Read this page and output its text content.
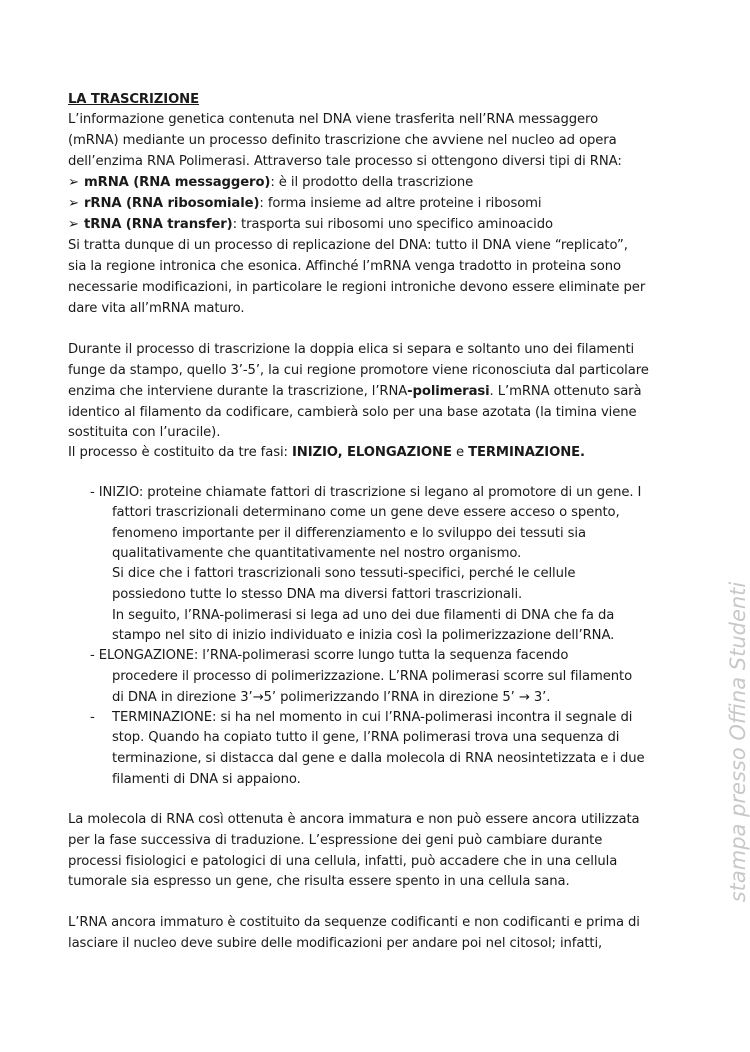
LA TRASCRIZIONE
L’informazione genetica contenuta nel DNA viene trasferita nell’RNA messaggero
(mRNA) mediante un processo definito trascrizione che avviene nel nucleo ad opera
dell’enzima RNA Polimerasi. Attraverso tale processo si ottengono diversi tipi di RNA:
➢ mRNA (RNA messaggero): è il prodotto della trascrizione
➢ rRNA (RNA ribosomiale): forma insieme ad altre proteine i ribosomi
➢ tRNA (RNA transfer): trasporta sui ribosomi uno specifico aminoacido
Si tratta dunque di un processo di replicazione del DNA: tutto il DNA viene “replicato”,
sia la regione intronica che esonica. Affinché l’mRNA venga tradotto in proteina sono
necessarie modificazioni, in particolare le regioni introniche devono essere eliminate per
dare vita all’mRNA maturo.
Durante il processo di trascrizione la doppia elica si separa e soltanto uno dei filamenti
funge da stampo, quello 3’-5’, la cui regione promotore viene riconosciuta dal particolare
enzima che interviene durante la trascrizione, l’RNA-polimerasi. L’mRNA ottenuto sarà
identico al filamento da codificare, cambierà solo per una base azotata (la timina viene
sostituita con l’uracile).
Il processo è costituito da tre fasi: INIZIO, ELONGAZIONE e TERMINAZIONE.
- INIZIO: proteine chiamate fattori di trascrizione si legano al promotore di un gene. I
fattori trascrizionali determinano come un gene deve essere acceso o spento,
fenomeno importante per il differenziamento e lo sviluppo dei tessuti sia
qualitativamente che quantitativamente nel nostro organismo.
Si dice che i fattori trascrizionali sono tessuti-specifici, perché le cellule
possiedono tutte lo stesso DNA ma diversi fattori trascrizionali.
In seguito, l’RNA-polimerasi si lega ad uno dei due filamenti di DNA che fa da
stampo nel sito di inizio individuato e inizia così la polimerizzazione dell’RNA.
- ELONGAZIONE: l’RNA-polimerasi scorre lungo tutta la sequenza facendo
procedere il processo di polimerizzazione. L’RNA polimerasi scorre sul filamento
di DNA in direzione 3’→5’ polimerizzando l’RNA in direzione 5’ → 3’.
- TERMINAZIONE: si ha nel momento in cui l’RNA-polimerasi incontra il segnale di
stop. Quando ha copiato tutto il gene, l’RNA polimerasi trova una sequenza di
terminazione, si distacca dal gene e dalla molecola di RNA neosintetizzata e i due
filamenti di DNA si appaiono.
La molecola di RNA così ottenuta è ancora immatura e non può essere ancora utilizzata
per la fase successiva di traduzione. L’espressione dei geni può cambiare durante
processi fisiologici e patologici di una cellula, infatti, può accadere che in una cellula
tumorale sia espresso un gene, che risulta essere spento in una cellula sana.
L’RNA ancora immaturo è costituito da sequenze codificanti e non codificanti e prima di
lasciare il nucleo deve subire delle modificazioni per andare poi nel citosol; infatti,
stampa presso Offina Studenti
